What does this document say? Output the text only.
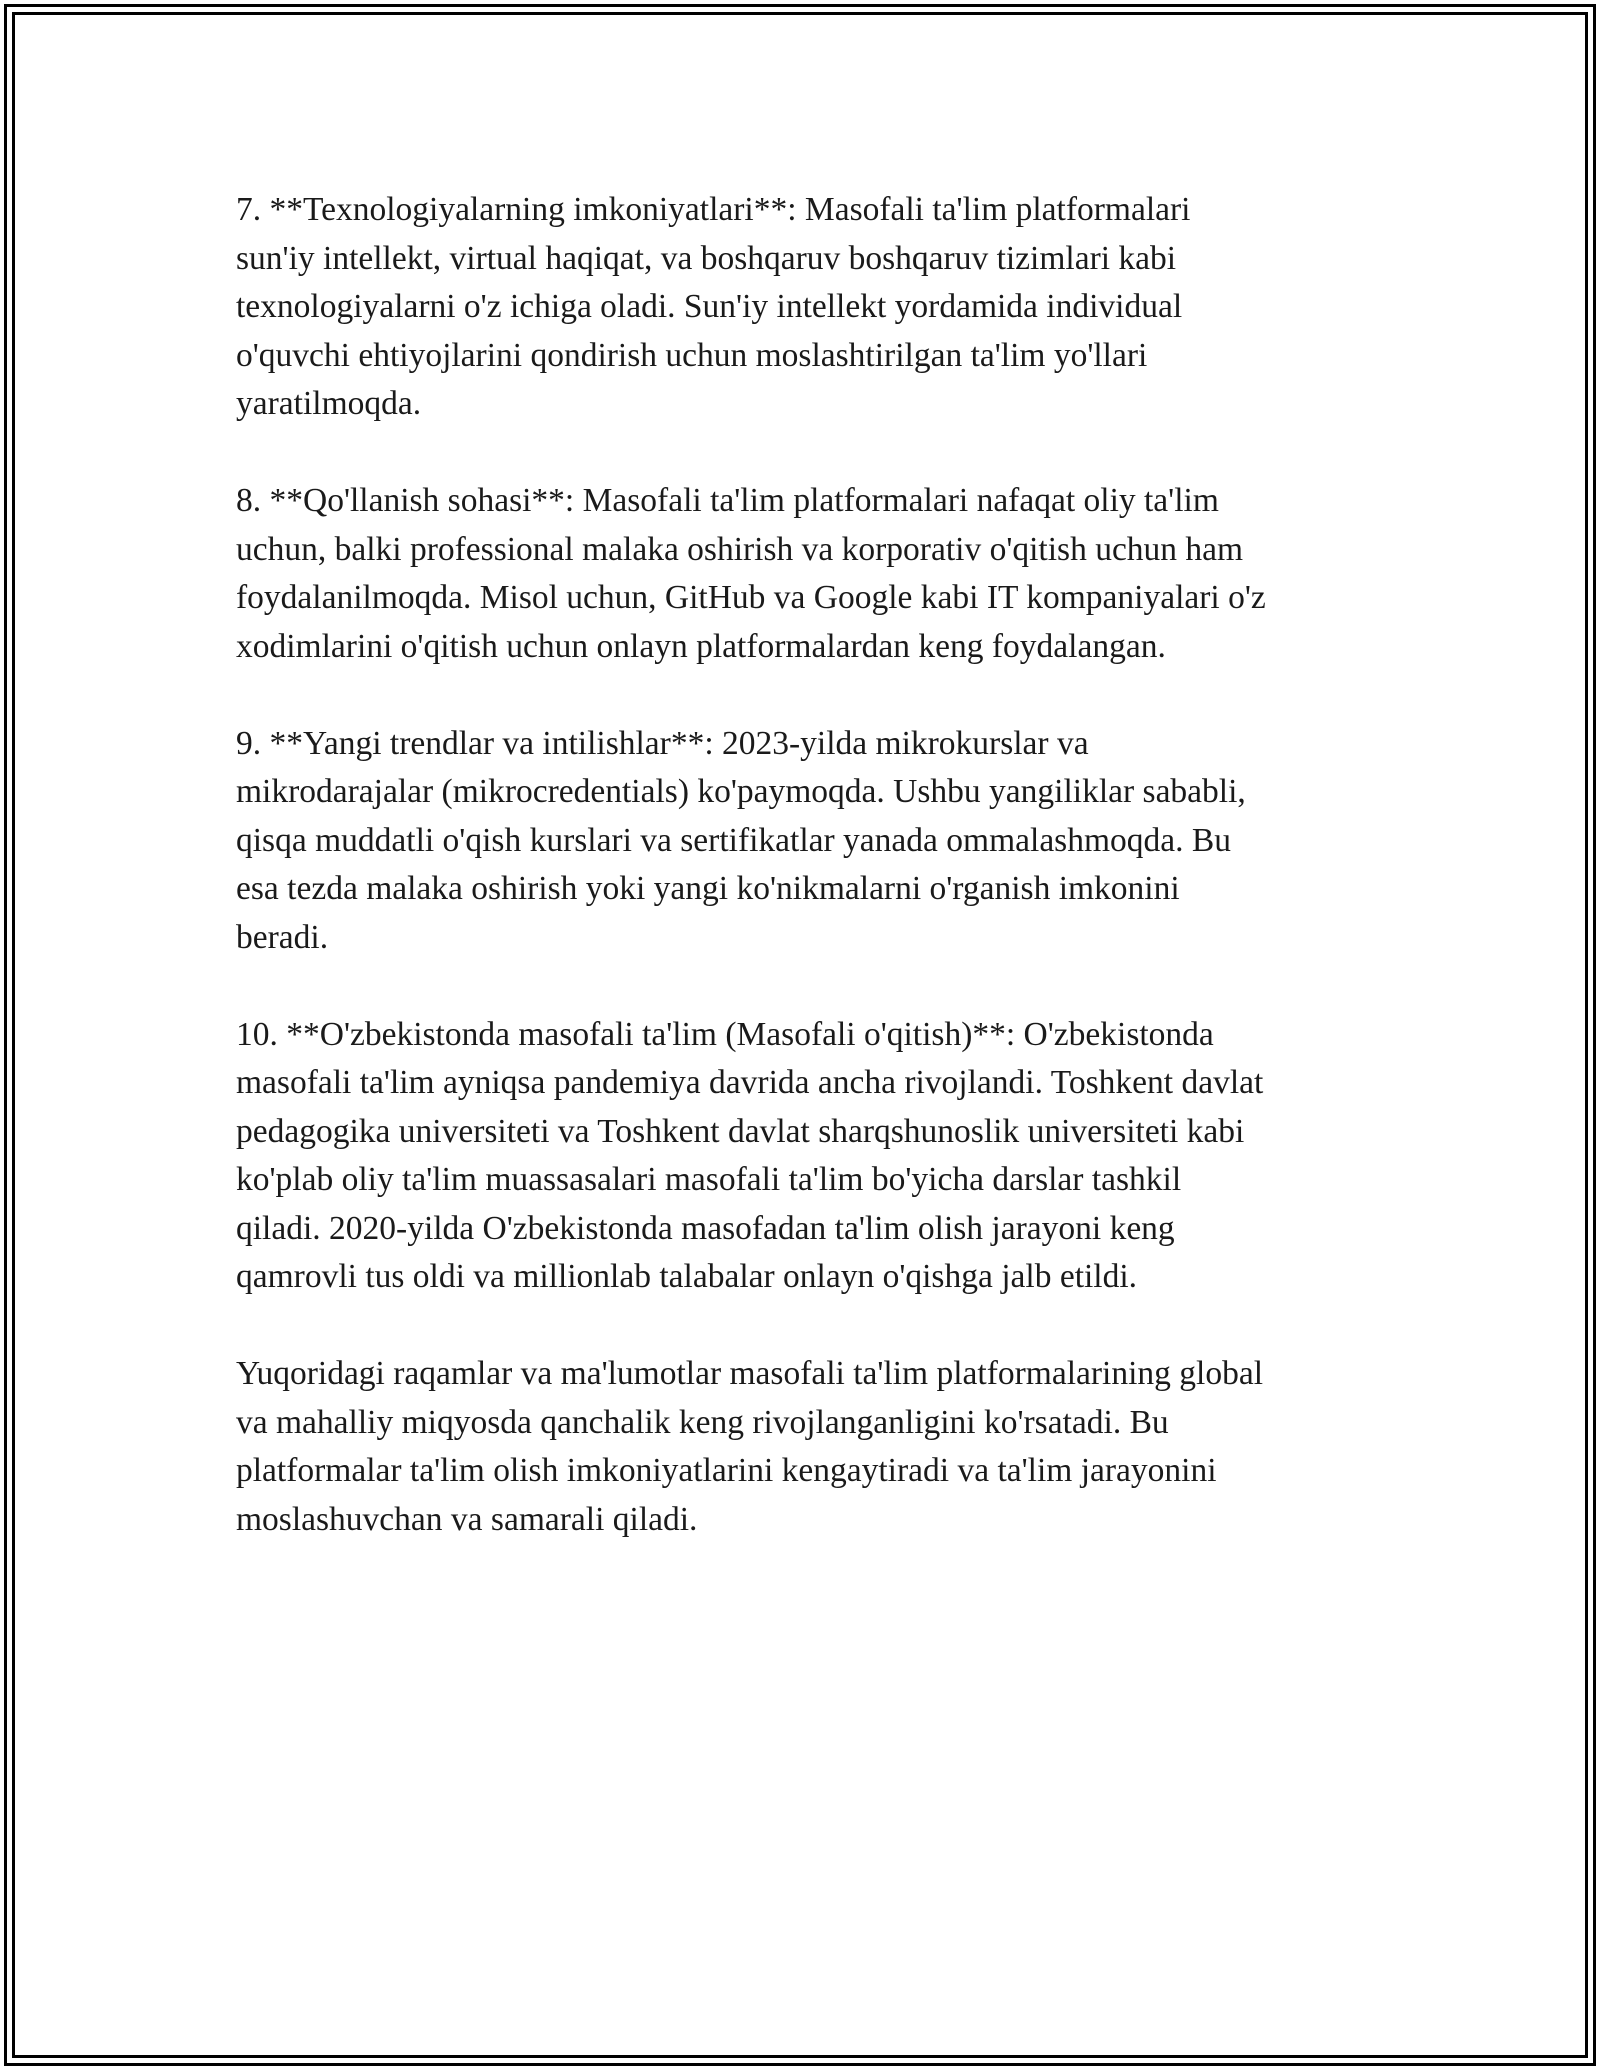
7. **Texnologiyalarning imkoniyatlari**: Masofali ta'lim platformalari
sun'iy intellekt, virtual haqiqat, va boshqaruv boshqaruv tizimlari kabi
texnologiyalarni o'z ichiga oladi. Sun'iy intellekt yordamida individual
o'quvchi ehtiyojlarini qondirish uchun moslashtirilgan ta'lim yo'llari
yaratilmoqda.

8. **Qo'llanish sohasi**: Masofali ta'lim platformalari nafaqat oliy ta'lim
uchun, balki professional malaka oshirish va korporativ o'qitish uchun ham
foydalanilmoqda. Misol uchun, GitHub va Google kabi IT kompaniyalari o'z
xodimlarini o'qitish uchun onlayn platformalardan keng foydalangan.

9. **Yangi trendlar va intilishlar**: 2023-yilda mikrokurslar va
mikrodarajalar (mikrocredentials) ko'paymoqda. Ushbu yangiliklar sababli,
qisqa muddatli o'qish kurslari va sertifikatlar yanada ommalashmoqda. Bu
esa tezda malaka oshirish yoki yangi ko'nikmalarni o'rganish imkonini
beradi.

10. **O'zbekistonda masofali ta'lim (Masofali o'qitish)**: O'zbekistonda
masofali ta'lim ayniqsa pandemiya davrida ancha rivojlandi. Toshkent davlat
pedagogika universiteti va Toshkent davlat sharqshunoslik universiteti kabi
ko'plab oliy ta'lim muassasalari masofali ta'lim bo'yicha darslar tashkil
qiladi. 2020-yilda O'zbekistonda masofadan ta'lim olish jarayoni keng
qamrovli tus oldi va millionlab talabalar onlayn o'qishga jalb etildi.

Yuqoridagi raqamlar va ma'lumotlar masofali ta'lim platformalarining global
va mahalliy miqyosda qanchalik keng rivojlanganligini ko'rsatadi. Bu
platformalar ta'lim olish imkoniyatlarini kengaytiradi va ta'lim jarayonini
moslashuvchan va samarali qiladi.
